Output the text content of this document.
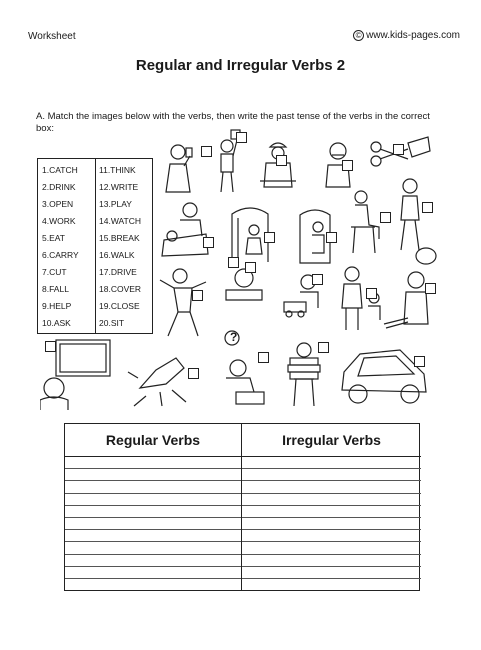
Worksheet	© www.kids-pages.com
Regular and Irregular Verbs 2
A. Match the images below with the verbs, then write the past tense of the verbs in the correct box:
1.CATCH
2.DRINK
3.OPEN
4.WORK
5.EAT
6.CARRY
7.CUT
8.FALL
9.HELP
10.ASK
11.THINK
12.WRITE
13.PLAY
14.WATCH
15.BREAK
16.WALK
17.DRIVE
18.COVER
19.CLOSE
20.SIT
?
Regular Verbs	Irregular Verbs
